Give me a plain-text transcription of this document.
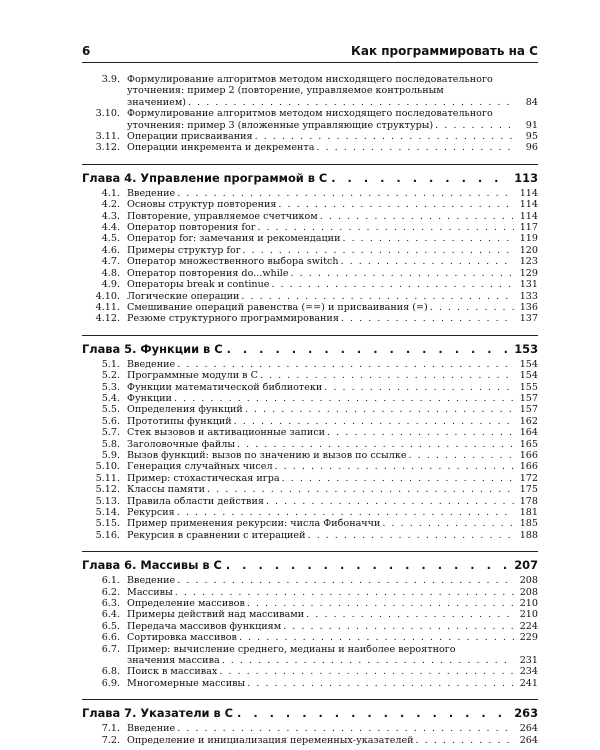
6	Как программировать на C
3.9. Формулирование алгоритмов методом нисходящего последовательного
уточнения: пример 2 (повторение, управляемое контрольным
значением) . . .	84
3.10. Формулирование алгоритмов методом нисходящего последовательного
уточнения: пример 3 (вложенные управляющие структуры) . . .	91
3.11. Операции присваивания . . .	95
3.12. Операции инкремента и декремента . . .	96
Глава 4. Управление программой в C . . .	113
4.1. Введение . . .	114
4.2. Основы структур повторения . . .	114
4.3. Повторение, управляемое счетчиком . . .	114
4.4. Оператор повторения for . . .	117
4.5. Оператор for: замечания и рекомендации . . .	119
4.6. Примеры структур for . . .	120
4.7. Оператор множественного выбора switch . . .	123
4.8. Оператор повторения do...while . . .	129
4.9. Операторы break и continue . . .	131
4.10. Логические операции . . .	133
4.11. Смешивание операций равенства (==) и присваивания (=) . . .	136
4.12. Резюме структурного программирования . . .	137
Глава 5. Функции в C . . .	153
5.1. Введение . . .	154
5.2. Программные модули в C . . .	154
5.3. Функции математической библиотеки . . .	155
5.4. Функции . . .	157
5.5. Определения функций . . .	157
5.6. Прототипы функций . . .	162
5.7. Стек вызовов и активационные записи . . .	164
5.8. Заголовочные файлы . . .	165
5.9. Вызов функций: вызов по значению и вызов по ссылке . . .	166
5.10. Генерация случайных чисел . . .	166
5.11. Пример: стохастическая игра . . .	172
5.12. Классы памяти . . .	175
5.13. Правила области действия . . .	178
5.14. Рекурсия . . .	181
5.15. Пример применения рекурсии: числа Фибоначчи . . .	185
5.16. Рекурсия в сравнении с итерацией . . .	188
Глава 6. Массивы в C . . .	207
6.1. Введение . . .	208
6.2. Массивы . . .	208
6.3. Определение массивов . . .	210
6.4. Примеры действий над массивами . . .	210
6.5. Передача массивов функциям . . .	224
6.6. Сортировка массивов . . .	229
6.7. Пример: вычисление среднего, медианы и наиболее вероятного
значения массива . . .	231
6.8. Поиск в массивах . . .	234
6.9. Многомерные массивы . . .	241
Глава 7. Указатели в C . . .	263
7.1. Введение . . .	264
7.2. Определение и инициализация переменных-указателей . . .	264
